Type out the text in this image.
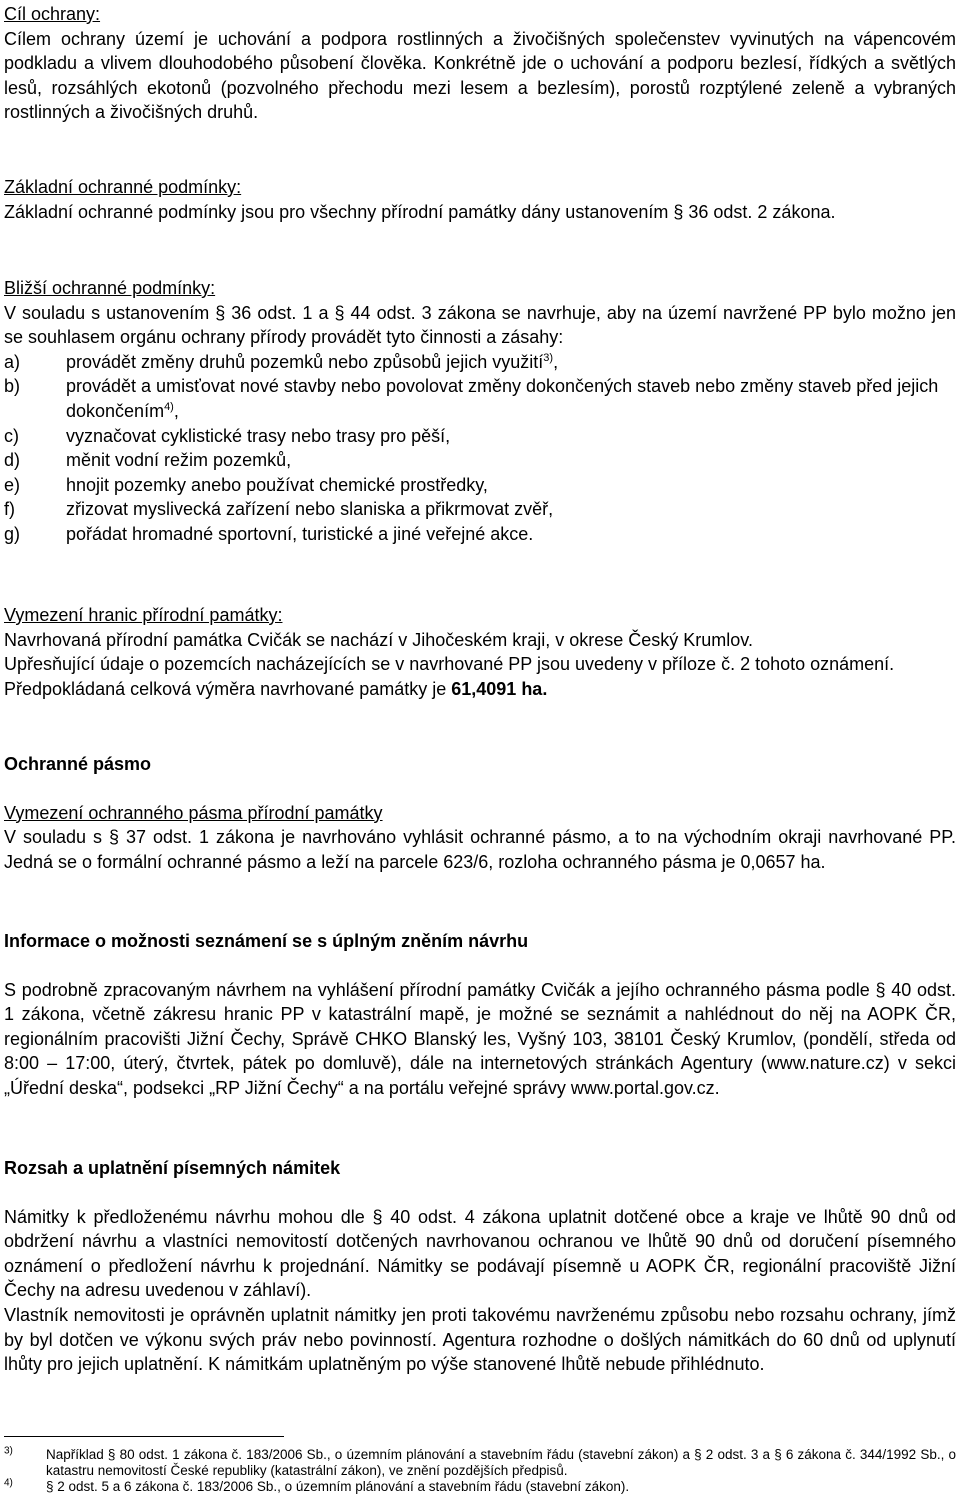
Cíl ochrany:

Cílem ochrany území je uchování a podpora rostlinných a živočišných společenstev vyvinutých na vápencovém podkladu a vlivem dlouhodobého působení člověka. Konkrétně jde o uchování a podporu bezlesí, řídkých a světlých lesů, rozsáhlých ekotonů (pozvolného přechodu mezi lesem a bezlesím), porostů rozptýlené zeleně a vybraných rostlinných a živočišných druhů.

Základní ochranné podmínky:

Základní ochranné podmínky jsou pro všechny přírodní památky dány ustanovením § 36 odst. 2 zákona.

Bližší ochranné podmínky:

V souladu s ustanovením § 36 odst. 1 a § 44 odst. 3 zákona se navrhuje, aby na území navržené PP bylo možno jen se souhlasem orgánu ochrany přírody provádět tyto činnosti a zásahy:

a)	provádět změny druhů pozemků nebo způsobů jejich využití$^{3)}$,
b)	provádět a umisťovat nové stavby nebo povolovat změny dokončených staveb nebo změny staveb před jejich dokončením$^{4)}$,
c)	vyznačovat cyklistické trasy nebo trasy pro pěší,
d)	měnit vodní režim pozemků,
e)	hnojit pozemky anebo používat chemické prostředky,
f)	zřizovat myslivecká zařízení nebo slaniska a přikrmovat zvěř,
g)	pořádat hromadné sportovní, turistické a jiné veřejné akce.

Vymezení hranic přírodní památky:

Navrhovaná přírodní památka Cvičák se nachází v Jihočeském kraji, v okrese Český Krumlov.

Upřesňující údaje o pozemcích nacházejících se v navrhované PP jsou uvedeny v příloze č. 2 tohoto oznámení.

Předpokládaná celková výměra navrhované památky je 61,4091 ha.

Ochranné pásmo

Vymezení ochranného pásma přírodní památky

V souladu s § 37 odst. 1 zákona je navrhováno vyhlásit ochranné pásmo, a to na východním okraji navrhované PP. Jedná se o formální ochranné pásmo a leží na parcele 623/6, rozloha ochranného pásma je 0,0657 ha.

Informace o možnosti seznámení se s úplným zněním návrhu

S podrobně zpracovaným návrhem na vyhlášení přírodní památky Cvičák a jejího ochranného pásma podle § 40 odst. 1 zákona, včetně zákresu hranic PP v katastrální mapě, je možné se seznámit a nahlédnout do něj na AOPK ČR, regionálním pracovišti Jižní Čechy, Správě CHKO Blanský les, Vyšný 103, 38101 Český Krumlov, (pondělí, středa od 8:00 – 17:00, úterý, čtvrtek, pátek po domluvě), dále na internetových stránkách Agentury (www.nature.cz) v sekci „Úřední deska“, podsekci „RP Jižní Čechy“ a na portálu veřejné správy www.portal.gov.cz.

Rozsah a uplatnění písemných námitek

Námitky k předloženému návrhu mohou dle § 40 odst. 4 zákona uplatnit dotčené obce a kraje ve lhůtě 90 dnů od obdržení návrhu a vlastníci nemovitostí dotčených navrhovanou ochranou ve lhůtě 90 dnů od doručení písemného oznámení o předložení návrhu k projednání. Námitky se podávají písemně u AOPK ČR, regionální pracoviště Jižní Čechy na adresu uvedenou v záhlaví).

Vlastník nemovitosti je oprávněn uplatnit námitky jen proti takovému navrženému způsobu nebo rozsahu ochrany, jímž by byl dotčen ve výkonu svých práv nebo povinností. Agentura rozhodne o došlých námitkách do 60 dnů od uplynutí lhůty pro jejich uplatnění. K námitkám uplatněným po výše stanovené lhůtě nebude přihlédnuto.

$^{3)}$	Například § 80 odst. 1 zákona č. 183/2006 Sb., o územním plánování a stavebním řádu (stavební zákon) a § 2 odst. 3 a § 6 zákona č. 344/1992 Sb., o katastru nemovitostí České republiky (katastrální zákon), ve znění pozdějších předpisů.
$^{4)}$	§ 2 odst. 5 a 6 zákona č. 183/2006 Sb., o územním plánování a stavebním řádu (stavební zákon).
